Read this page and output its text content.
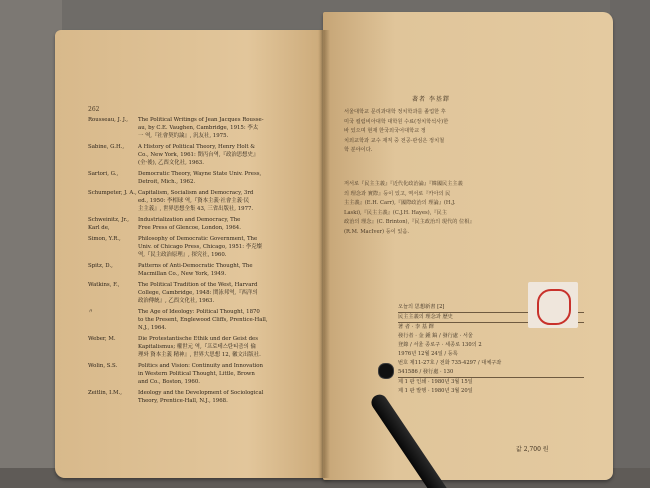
262
Rousseau, J. J.,	The Political Writings of Jean Jacques Rousse-
au, by C.E. Vaughen, Cambridge, 1915: 李太
一 역,『社會契約論』, 汎友社, 1975.
Sabine, G.H.,	A History of Political Theory, Henry Holt &
Co., New York, 1961: 閔丙台역,『政治思想史』
(全·後), 乙酉文化社, 1963.
Sartori, G.,	Democratic Theory, Wayne State Univ. Press,
Detroit, Mich., 1962.
Schumpeter, J. A., Capitalism, Socialism and Democracy, 3rd
ed., 1950: 李相球 역,『資本主義·社會主義·民
主主義』, 世界思想全集 43, 三省出版社, 1977.
Schweinitz, Jr., Karl de,
Industrialization and Democracy, The
Free Press of Glencoe, London, 1964.
Simon, Y.R.,	Philosophy of Democratic Government, The
Univ. of Chicago Press, Chicago, 1951: 李克燦
역,『民主政治原理』, 探究社, 1960.
Spitz, D.,	Patterns of Anti-Democratic Thought, The
Macmillan Co., New York, 1949.
Watkins, F.,	The Political Tradition of the West, Harvard
College, Cambridge, 1948: 閔泳邦역,『西洋의
政治傳統』, 乙酉文化社, 1963.
〃	The Age of Ideology: Political Thought, 1870
to the Present, Englewood Cliffs, Prentice-Hall,
N.J., 1964.
Weber, M.	Die Protestantische Ethik und der Geist des
Kapitalismus; 權世元 역,『프로테스탄티즘의 倫
理와 資本主義 精神』, 世界大思想 12, 徽文出版社.
Wolin, S.S.	Politics and Vision: Continuity and Innovation
in Western Political Thought, Little, Brown
and Co., Boston, 1960.
Zeitlin, I.M.,	Ideology and the Development of Sociological
Theory, Prentice-Hall, N.J., 1968.
著者 李基鐸
서울대학교 문리과대학 정치학과를 졸업한 후
미국 컬럼비아대학 대학원 수료(정치학석사)한
바 있으며 현재 한국외국어대학교 정
치외교학과 교수 재직 중 전공·관심은 정치철
학 분야이다.
저서로『民主主義』『近代化政治論』『韓國民主主義
의 理念과 實際』등이 있고, 역서로『카아의 民
主主義』(E.H. Carr),『國際政治의 理論』(H.J.
Laski),『民主主義』(C.J.H. Hayes),『民主
政治의 理念』(C. Brinton),『民主政治의 現代的 位相』
(R.M. MacIver) 등이 있음.
오늘의 思想新書 [2]
民主主義의 理念과 歷史
著 者 · 李 基 鐸
發行者 · 金 鍾 鎬 / 發行處 · 서울
登錄 / 서울 종로구 · 세종로 130의 2
1976년 12월 24일 / 등록
번호 제11-27호 / 전화 735-4297 / 대체구좌
541586 / 發行處 · 130
제 1 판 인쇄 · 1980년 3월 15일
제 1 판 발행 · 1980년 3월 20일
값 2,700 원
